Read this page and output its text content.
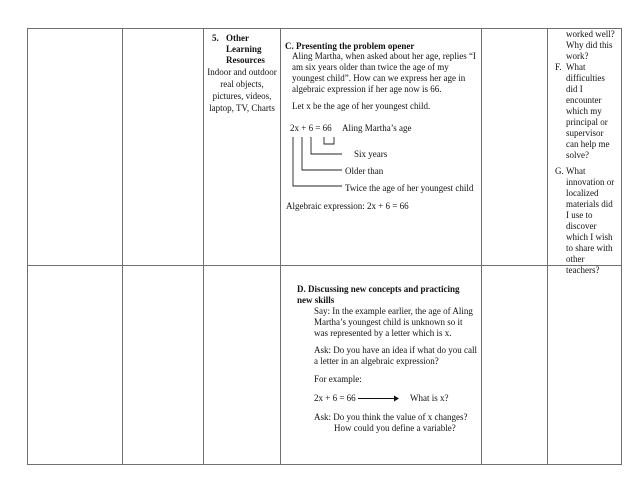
5. Other
Learning
Resources
Indoor and outdoor
real objects,
pictures, videos,
laptop, TV, Charts
C. Presenting the problem opener
Aling Martha, when asked about her age, replies “I
am six years older than twice the age of my
youngest child”. How can we express her age in
algebraic expression if her age now is 66.
Let x be the age of her youngest child.
2x + 6 = 66 Aling Martha’s age
Six years
Older than
Twice the age of her youngest child
Algebraic expression: 2x + 6 = 66
worked well?
Why did this
work?
F. What
difficulties
did I
encounter
which my
principal or
supervisor
can help me
solve?
G. What
innovation or
localized
materials did
I use to
discover
which I wish
to share with
other
teachers?
D. Discussing new concepts and practicing
new skills
Say: In the example earlier, the age of Aling
Martha’s youngest child is unknown so it
was represented by a letter which is x.
Ask: Do you have an idea if what do you call
a letter in an algebraic expression?
For example:
2x + 6 = 66	What is x?
Ask: Do you think the value of x changes?
How could you define a variable?
